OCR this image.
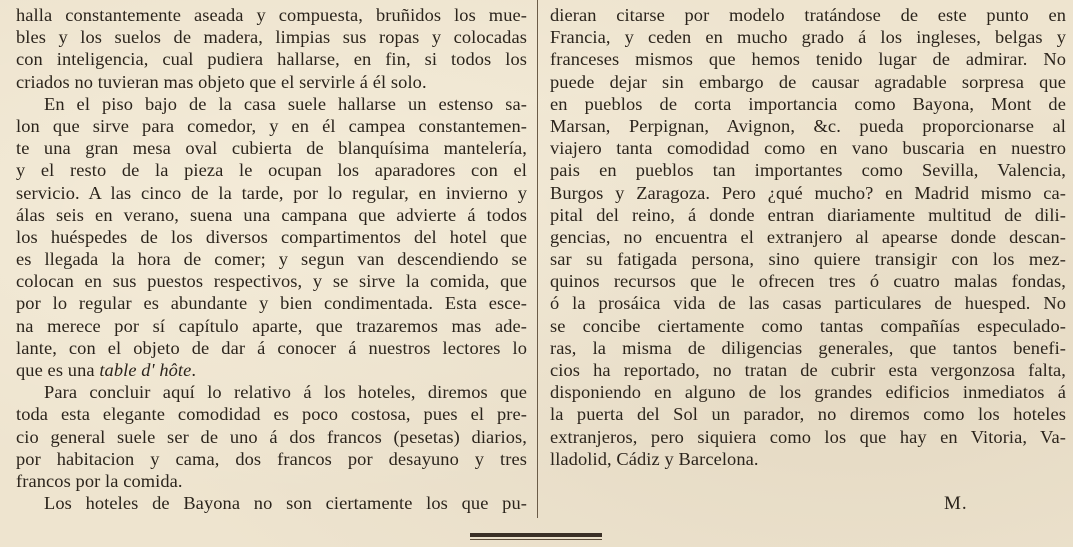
halla constantemente aseada y compuesta, bruñidos los mue-
bles y los suelos de madera, limpias sus ropas y colocadas
con inteligencia, cual pudiera hallarse, en fin, si todos los
criados no tuvieran mas objeto que el servirle á él solo.
En el piso bajo de la casa suele hallarse un estenso sa-
lon que sirve para comedor, y en él campea constantemen-
te una gran mesa oval cubierta de blanquísima mantelería,
y el resto de la pieza le ocupan los aparadores con el
servicio. A las cinco de la tarde, por lo regular, en invierno y
álas seis en verano, suena una campana que advierte á todos
los huéspedes de los diversos compartimentos del hotel que
es llegada la hora de comer; y segun van descendiendo se
colocan en sus puestos respectivos, y se sirve la comida, que
por lo regular es abundante y bien condimentada. Esta esce-
na merece por sí capítulo aparte, que trazaremos mas ade-
lante, con el objeto de dar á conocer á nuestros lectores lo
que es una table d' hôte.
Para concluir aquí lo relativo á los hoteles, diremos que
toda esta elegante comodidad es poco costosa, pues el pre-
cio general suele ser de uno á dos francos (pesetas) diarios,
por habitacion y cama, dos francos por desayuno y tres
francos por la comida.
Los hoteles de Bayona no son ciertamente los que pu-
dieran citarse por modelo tratándose de este punto en
Francia, y ceden en mucho grado á los ingleses, belgas y
franceses mismos que hemos tenido lugar de admirar. No
puede dejar sin embargo de causar agradable sorpresa que
en pueblos de corta importancia como Bayona, Mont de
Marsan, Perpignan, Avignon, &c. pueda proporcionarse al
viajero tanta comodidad como en vano buscaria en nuestro
pais en pueblos tan importantes como Sevilla, Valencia,
Burgos y Zaragoza. Pero ¿qué mucho? en Madrid mismo ca-
pital del reino, á donde entran diariamente multitud de dili-
gencias, no encuentra el extranjero al apearse donde descan-
sar su fatigada persona, sino quiere transigir con los mez-
quinos recursos que le ofrecen tres ó cuatro malas fondas,
ó la prosáica vida de las casas particulares de huesped. No
se concibe ciertamente como tantas compañías especulado-
ras, la misma de diligencias generales, que tantos benefi-
cios ha reportado, no tratan de cubrir esta vergonzosa falta,
disponiendo en alguno de los grandes edificios inmediatos á
la puerta del Sol un parador, no diremos como los hoteles
extranjeros, pero siquiera como los que hay en Vitoria, Va-
lladolid, Cádiz y Barcelona.
M.
